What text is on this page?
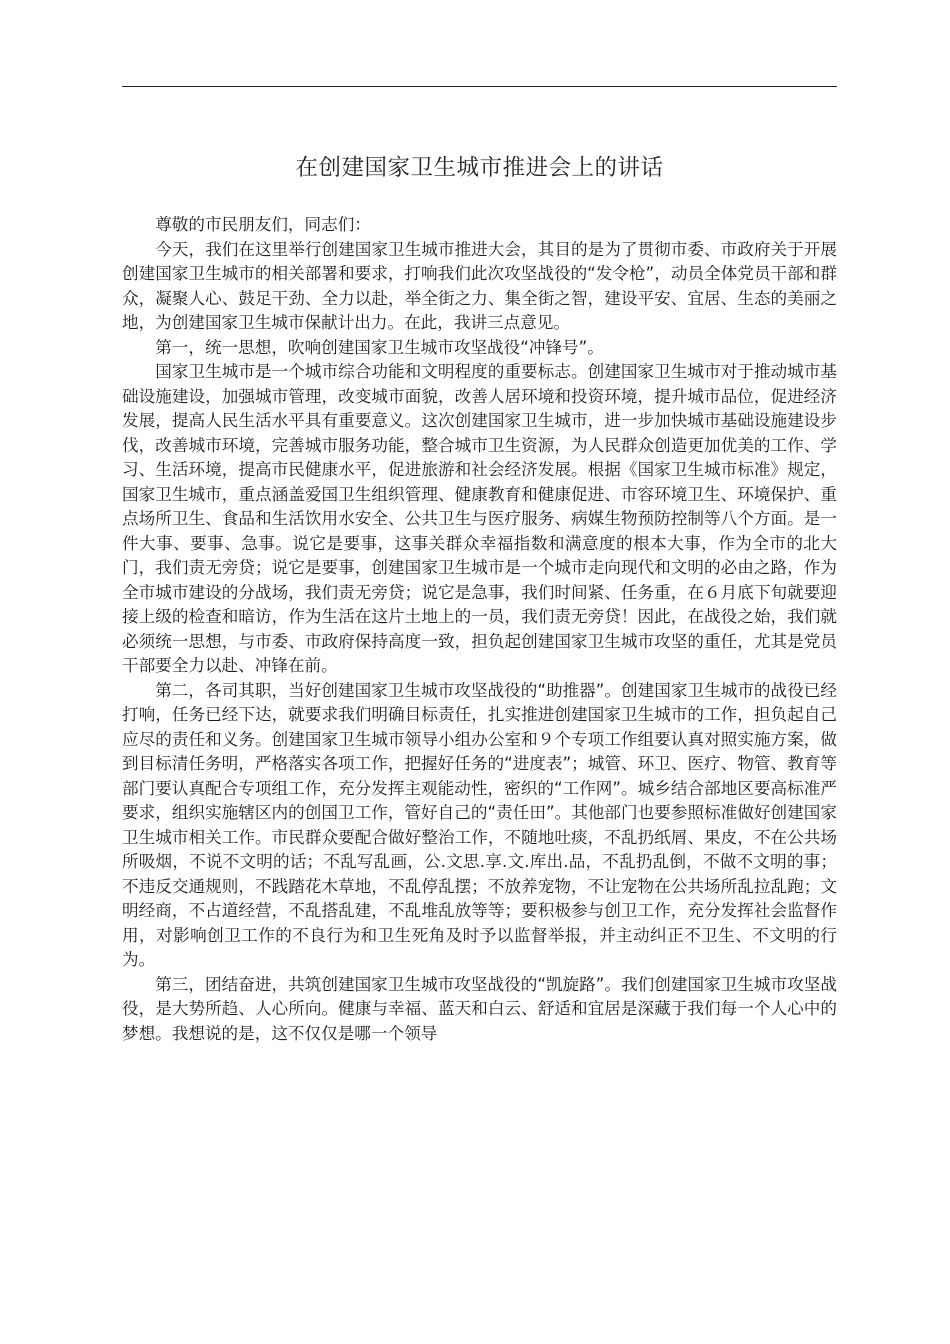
在创建国家卫生城市推进会上的讲话

尊敬的市民朋友们，同志们：

今天，我们在这里举行创建国家卫生城市推进大会，其目的是为了贯彻市委、市政府关于开展创建国家卫生城市的相关部署和要求，打响我们此次攻坚战役的“发令枪”，动员全体党员干部和群众，凝聚人心、鼓足干劲、全力以赴，举全街之力、集全街之智，建设平安、宜居、生态的美丽之地，为创建国家卫生城市保献计出力。在此，我讲三点意见。

第一，统一思想，吹响创建国家卫生城市攻坚战役“冲锋号”。

国家卫生城市是一个城市综合功能和文明程度的重要标志。创建国家卫生城市对于推动城市基础设施建设，加强城市管理，改变城市面貌，改善人居环境和投资环境，提升城市品位，促进经济发展，提高人民生活水平具有重要意义。这次创建国家卫生城市，进一步加快城市基础设施建设步伐，改善城市环境，完善城市服务功能，整合城市卫生资源，为人民群众创造更加优美的工作、学习、生活环境，提高市民健康水平，促进旅游和社会经济发展。根据《国家卫生城市标准》规定，国家卫生城市，重点涵盖爱国卫生组织管理、健康教育和健康促进、市容环境卫生、环境保护、重点场所卫生、食品和生活饮用水安全、公共卫生与医疗服务、病媒生物预防控制等八个方面。是一件大事、要事、急事。说它是要事，这事关群众幸福指数和满意度的根本大事，作为全市的北大门，我们责无旁贷；说它是要事，创建国家卫生城市是一个城市走向现代和文明的必由之路，作为全市城市建设的分战场，我们责无旁贷；说它是急事，我们时间紧、任务重，在６月底下旬就要迎接上级的检查和暗访，作为生活在这片土地上的一员，我们责无旁贷！因此，在战役之始，我们就必须统一思想，与市委、市政府保持高度一致，担负起创建国家卫生城市攻坚的重任，尤其是党员干部要全力以赴、冲锋在前。

第二，各司其职，当好创建国家卫生城市攻坚战役的“助推器”。创建国家卫生城市的战役已经打响，任务已经下达，就要求我们明确目标责任，扎实推进创建国家卫生城市的工作，担负起自己应尽的责任和义务。创建国家卫生城市领导小组办公室和９个专项工作组要认真对照实施方案，做到目标清任务明，严格落实各项工作，把握好任务的“进度表”；城管、环卫、医疗、物管、教育等部门要认真配合专项组工作，充分发挥主观能动性，密织的“工作网”。城乡结合部地区要高标准严要求，组织实施辖区内的创国卫工作，管好自己的“责任田”。其他部门也要参照标准做好创建国家卫生城市相关工作。市民群众要配合做好整治工作，不随地吐痰，不乱扔纸屑、果皮，不在公共场所吸烟，不说不文明的话；不乱写乱画，公.文思.享.文.库出.品，不乱扔乱倒，不做不文明的事；不违反交通规则，不践踏花木草地，不乱停乱摆；不放养宠物，不让宠物在公共场所乱拉乱跑；文明经商，不占道经营，不乱搭乱建，不乱堆乱放等等；要积极参与创卫工作，充分发挥社会监督作用，对影响创卫工作的不良行为和卫生死角及时予以监督举报，并主动纠正不卫生、不文明的行为。

第三，团结奋进，共筑创建国家卫生城市攻坚战役的“凯旋路”。我们创建国家卫生城市攻坚战役，是大势所趋、人心所向。健康与幸福、蓝天和白云、舒适和宜居是深藏于我们每一个人心中的梦想。我想说的是，这不仅仅是哪一个领导
